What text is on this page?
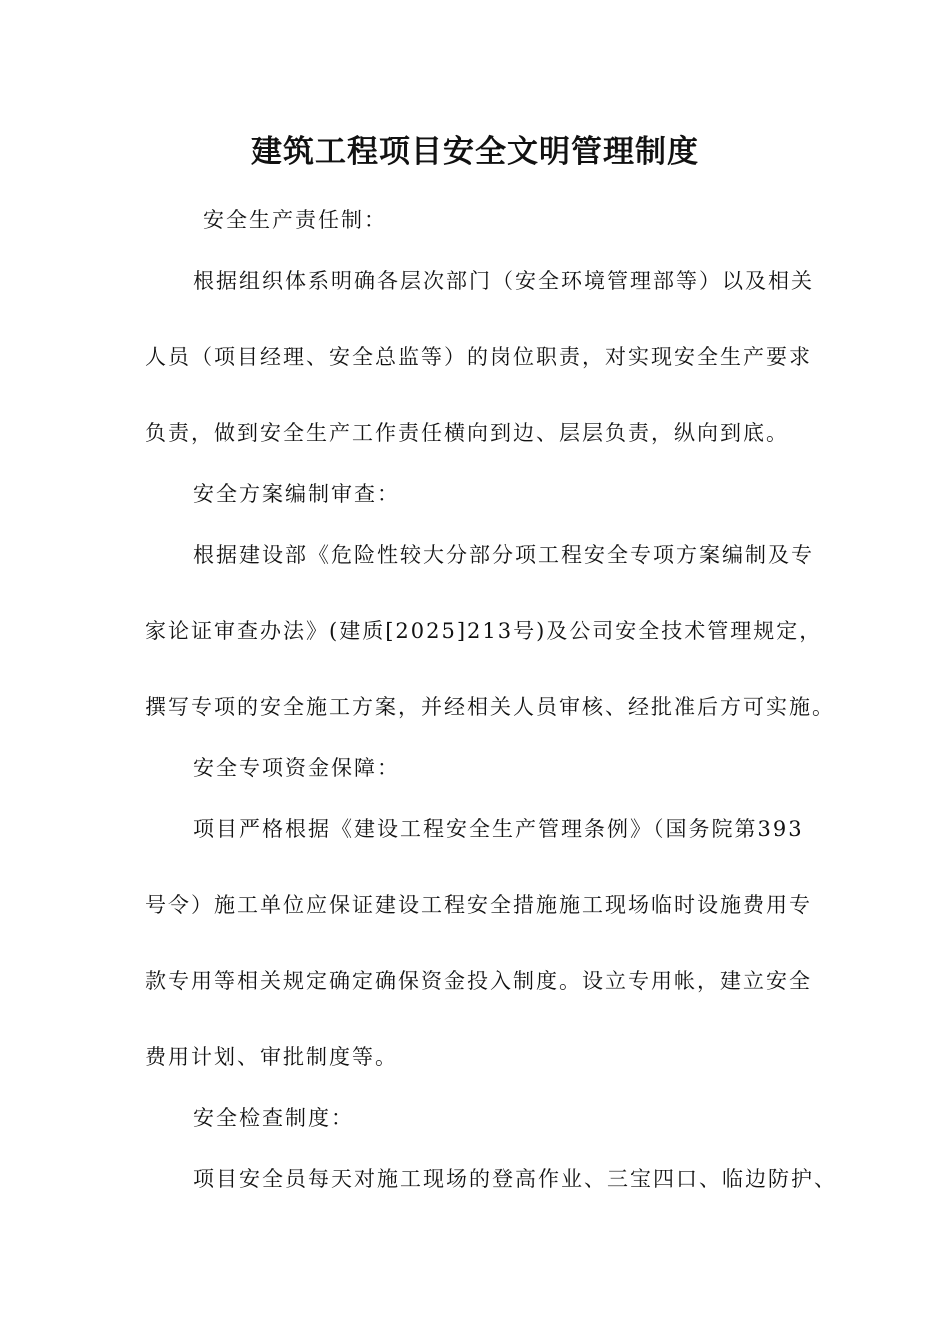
建筑工程项目安全文明管理制度
安全生产责任制：
根据组织体系明确各层次部门（安全环境管理部等）以及相关
人员（项目经理、安全总监等）的岗位职责，对实现安全生产要求
负责，做到安全生产工作责任横向到边、层层负责，纵向到底。
安全方案编制审查：
根据建设部《危险性较大分部分项工程安全专项方案编制及专
家论证审查办法》(建质[2025]213号)及公司安全技术管理规定，
撰写专项的安全施工方案，并经相关人员审核、经批准后方可实施。
安全专项资金保障：
项目严格根据《建设工程安全生产管理条例》（国务院第393
号令）施工单位应保证建设工程安全措施施工现场临时设施费用专
款专用等相关规定确定确保资金投入制度。设立专用帐，建立安全
费用计划、审批制度等。
安全检查制度：
项目安全员每天对施工现场的登高作业、三宝四口、临边防护、
